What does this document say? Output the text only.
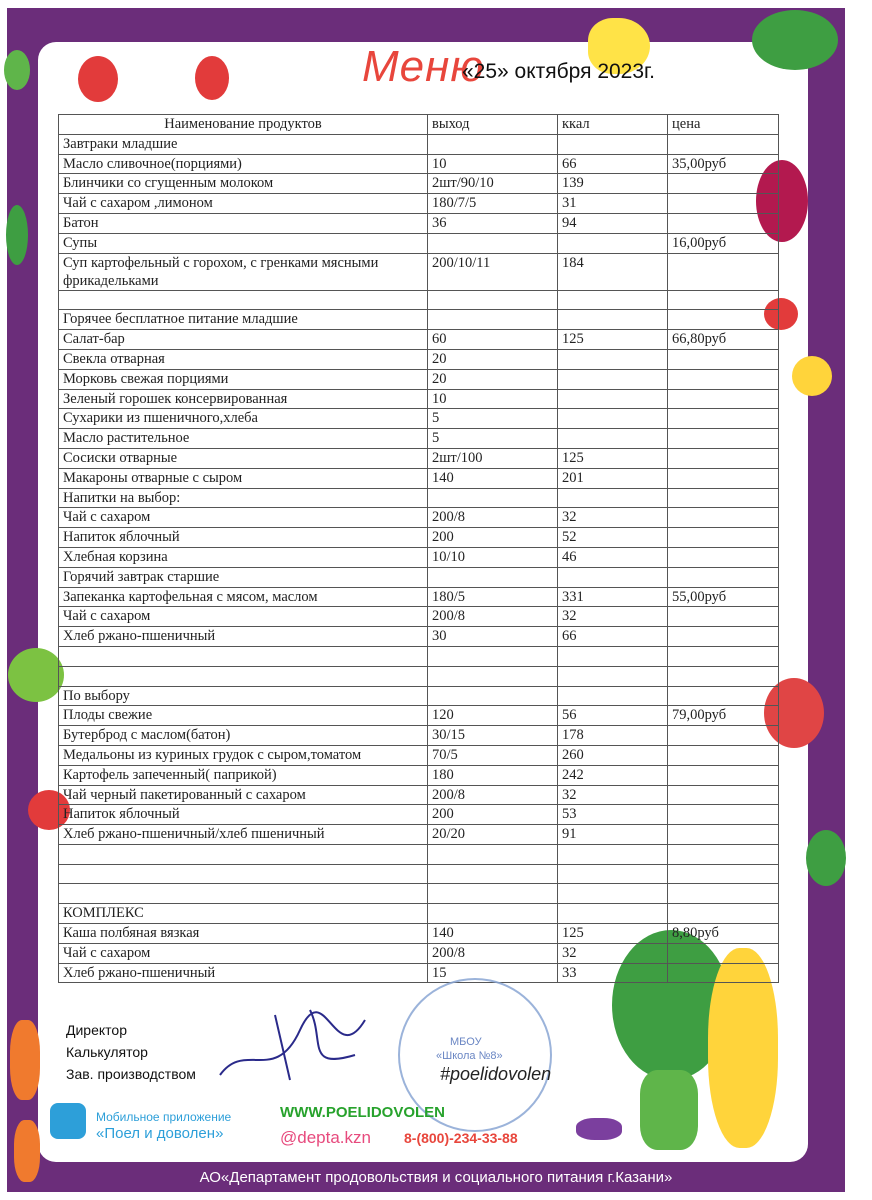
Меню
«25» октября 2023г.
Наименование продуктов	выход	ккал	цена
Завтраки младшие			
Масло сливочное(порциями)	10	66	35,00руб
Блинчики со сгущенным молоком	2шт/90/10	139	
Чай с сахаром ,лимоном	180/7/5	31	
Батон	36	94	
Супы			16,00руб
Суп картофельный с горохом, с гренками мясными фрикадельками	200/10/11	184	

Горячее бесплатное питание младшие			
Салат-бар	60	125	66,80руб
Свекла отварная	20		
Морковь свежая порциями	20		
Зеленый горошек консервированная	10		
Сухарики из пшеничного,хлеба	5		
Масло растительное	5		
Сосиски отварные	2шт/100	125	
Макароны отварные с сыром	140	201	
Напитки на выбор:			
Чай с сахаром	200/8	32	
Напиток яблочный	200	52	
Хлебная корзина	10/10	46	
Горячий завтрак старшие			
Запеканка картофельная с мясом, маслом	180/5	331	55,00руб
Чай с сахаром	200/8	32	
Хлеб ржано-пшеничный	30	66	

По выбору			
Плоды свежие	120	56	79,00руб
Бутерброд с маслом(батон)	30/15	178	
Медальоны из куриных грудок с сыром,томатом	70/5	260	
Картофель запеченный( паприкой)	180	242	
Чай черный пакетированный с сахаром	200/8	32	
Напиток яблочный	200	53	
Хлеб ржано-пшеничный/хлеб пшеничный	20/20	91	

КОМПЛЕКС			
Каша полбяная вязкая	140	125	8,80руб
Чай с сахаром	200/8	32	
Хлеб ржано-пшеничный	15	33	
Директор
Калькулятор
Зав. производством
МБОУ
«Школа №8»
#poelidovolen
Мобильное приложение
«Поел и доволен»
WWW.POELIDOVOLEN
@depta.kzn 8-(800)-234-33-88
АО«Департамент продовольствия и социального питания г.Казани»
